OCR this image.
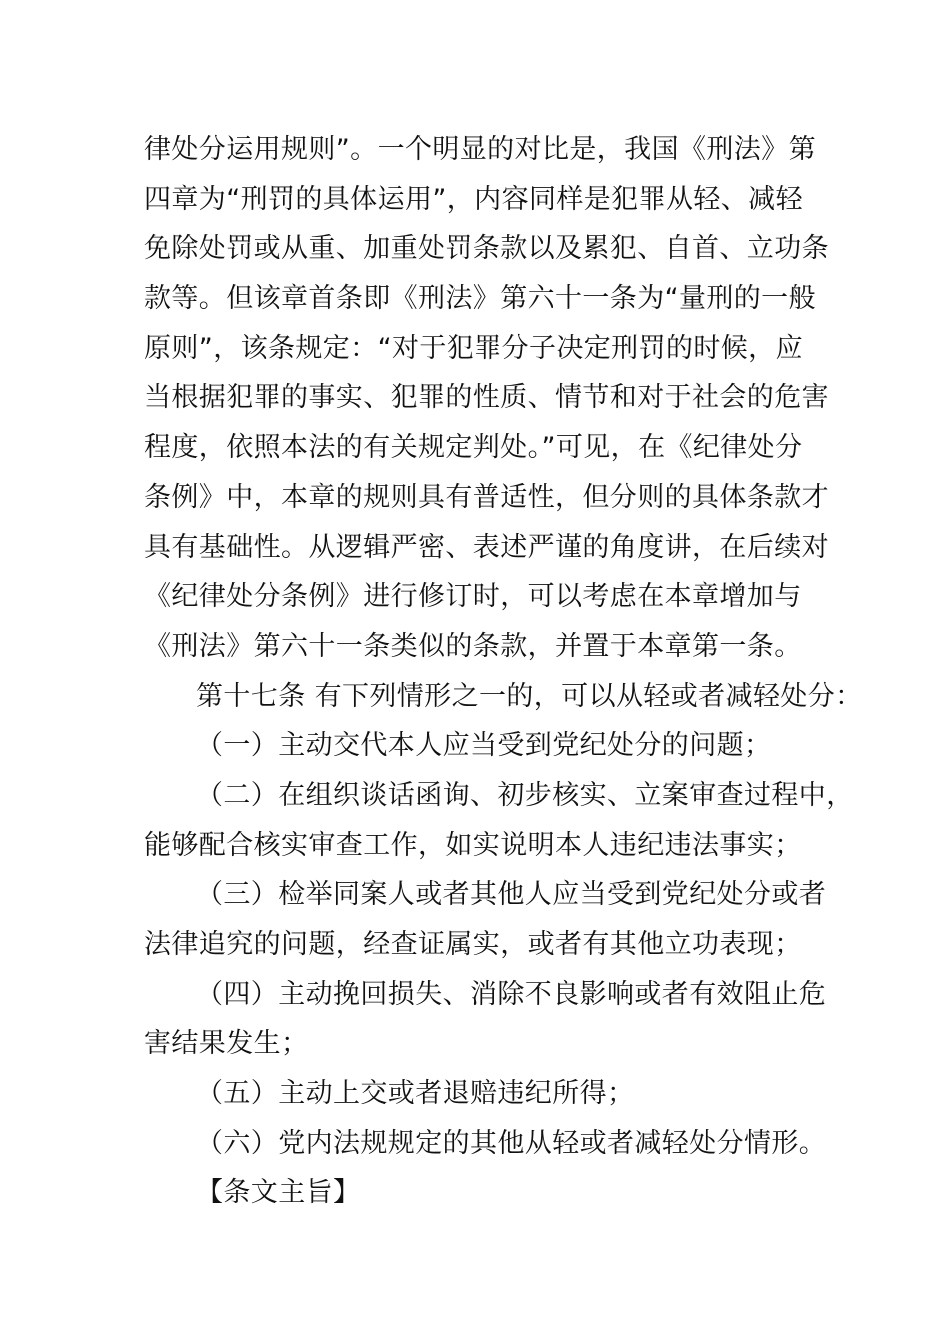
律处分运用规则”。一个明显的对比是，我国《刑法》第
四章为“刑罚的具体运用”，内容同样是犯罪从轻、减轻
免除处罚或从重、加重处罚条款以及累犯、自首、立功条
款等。但该章首条即《刑法》第六十一条为“量刑的一般
原则”，该条规定：“对于犯罪分子决定刑罚的时候，应
当根据犯罪的事实、犯罪的性质、情节和对于社会的危害
程度，依照本法的有关规定判处。”可见，在《纪律处分
条例》中，本章的规则具有普适性，但分则的具体条款才
具有基础性。从逻辑严密、表述严谨的角度讲，在后续对
《纪律处分条例》进行修订时，可以考虑在本章增加与
《刑法》第六十一条类似的条款，并置于本章第一条。
第十七条 有下列情形之一的，可以从轻或者减轻处分：
（一）主动交代本人应当受到党纪处分的问题；
（二）在组织谈话函询、初步核实、立案审查过程中，
能够配合核实审查工作，如实说明本人违纪违法事实；
（三）检举同案人或者其他人应当受到党纪处分或者
法律追究的问题，经查证属实，或者有其他立功表现；
（四）主动挽回损失、消除不良影响或者有效阻止危
害结果发生；
（五）主动上交或者退赔违纪所得；
（六）党内法规规定的其他从轻或者减轻处分情形。
【条文主旨】
